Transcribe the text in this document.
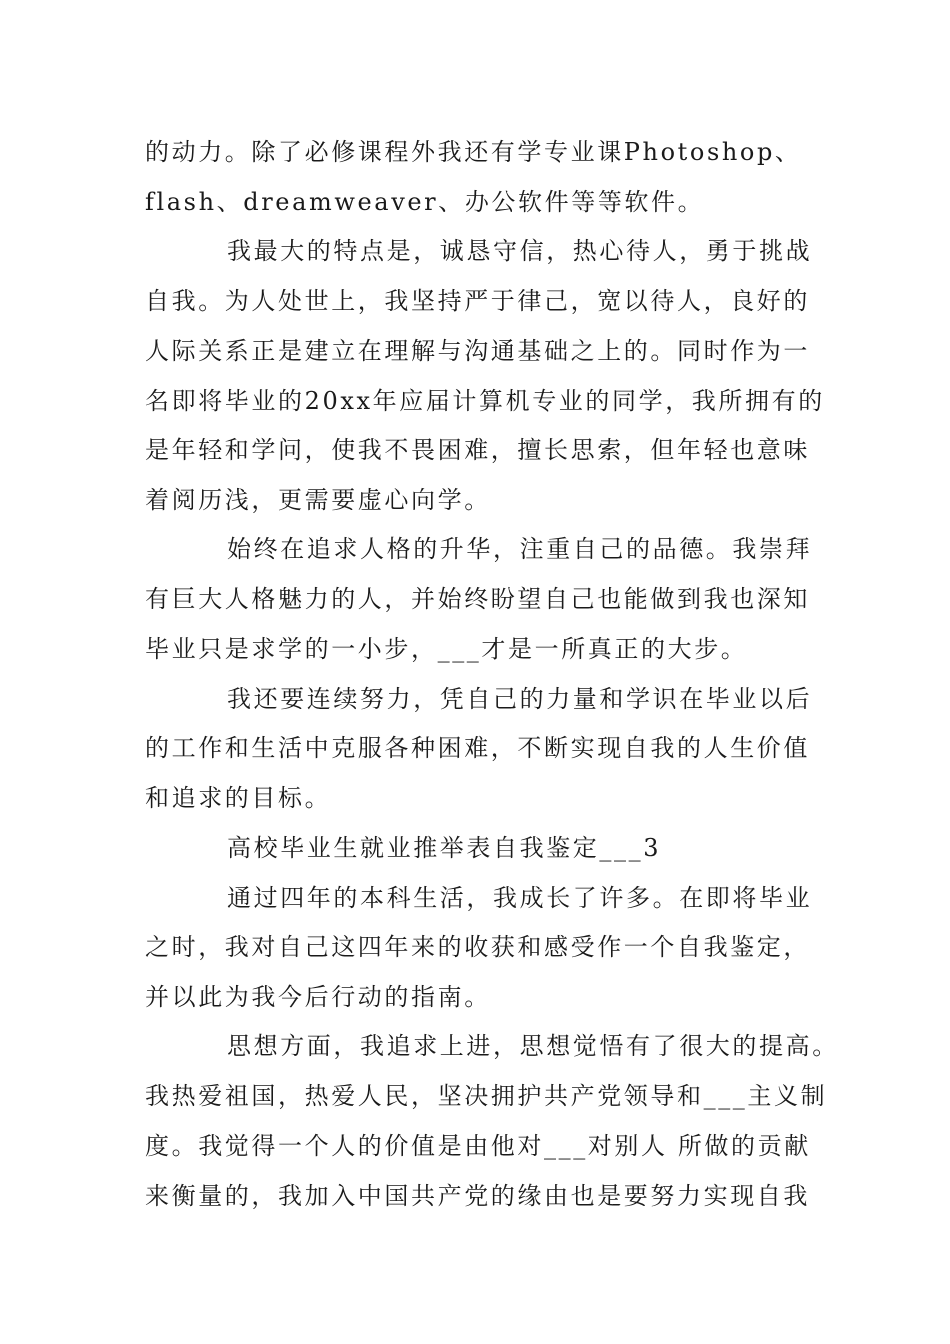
的动力。除了必修课程外我还有学专业课Photoshop、
flash、dreamweaver、办公软件等等软件。
我最大的特点是，诚恳守信，热心待人，勇于挑战
自我。为人处世上，我坚持严于律己，宽以待人，良好的
人际关系正是建立在理解与沟通基础之上的。同时作为一
名即将毕业的20xx年应届计算机专业的同学，我所拥有的
是年轻和学问，使我不畏困难，擅长思索，但年轻也意味
着阅历浅，更需要虚心向学。
始终在追求人格的升华，注重自己的品德。我崇拜
有巨大人格魅力的人，并始终盼望自己也能做到我也深知
毕业只是求学的一小步，___才是一所真正的大步。
我还要连续努力，凭自己的力量和学识在毕业以后
的工作和生活中克服各种困难，不断实现自我的人生价值
和追求的目标。
高校毕业生就业推举表自我鉴定___3
通过四年的本科生活，我成长了许多。在即将毕业
之时，我对自己这四年来的收获和感受作一个自我鉴定，
并以此为我今后行动的指南。
思想方面，我追求上进，思想觉悟有了很大的提高。
我热爱祖国，热爱人民，坚决拥护共产党领导和___主义制
度。我觉得一个人的价值是由他对___对别人 所做的贡献
来衡量的，我加入中国共产党的缘由也是要努力实现自我
